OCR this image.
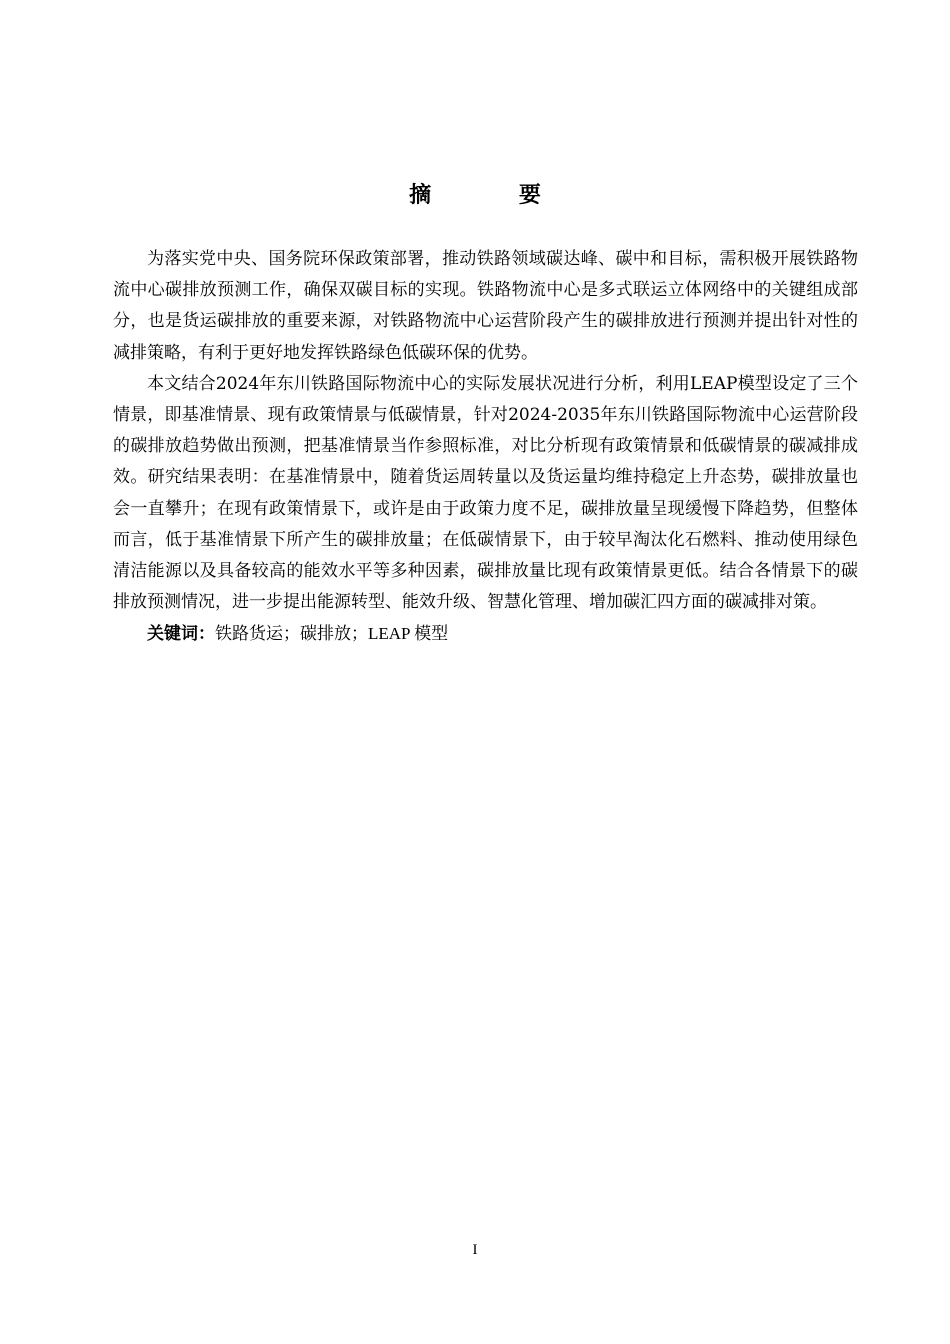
摘 要

为落实党中央、国务院环保政策部署，推动铁路领域碳达峰、碳中和目标，需积极开展铁路物流中心碳排放预测工作，确保双碳目标的实现。铁路物流中心是多式联运立体网络中的关键组成部分，也是货运碳排放的重要来源，对铁路物流中心运营阶段产生的碳排放进行预测并提出针对性的减排策略，有利于更好地发挥铁路绿色低碳环保的优势。

本文结合2024年东川铁路国际物流中心的实际发展状况进行分析，利用LEAP模型设定了三个情景，即基准情景、现有政策情景与低碳情景，针对2024-2035年东川铁路国际物流中心运营阶段的碳排放趋势做出预测，把基准情景当作参照标准，对比分析现有政策情景和低碳情景的碳减排成效。研究结果表明：在基准情景中，随着货运周转量以及货运量均维持稳定上升态势，碳排放量也会一直攀升；在现有政策情景下，或许是由于政策力度不足，碳排放量呈现缓慢下降趋势，但整体而言，低于基准情景下所产生的碳排放量；在低碳情景下，由于较早淘汰化石燃料、推动使用绿色清洁能源以及具备较高的能效水平等多种因素，碳排放量比现有政策情景更低。结合各情景下的碳排放预测情况，进一步提出能源转型、能效升级、智慧化管理、增加碳汇四方面的碳减排对策。

关键词：铁路货运；碳排放；LEAP 模型

I
